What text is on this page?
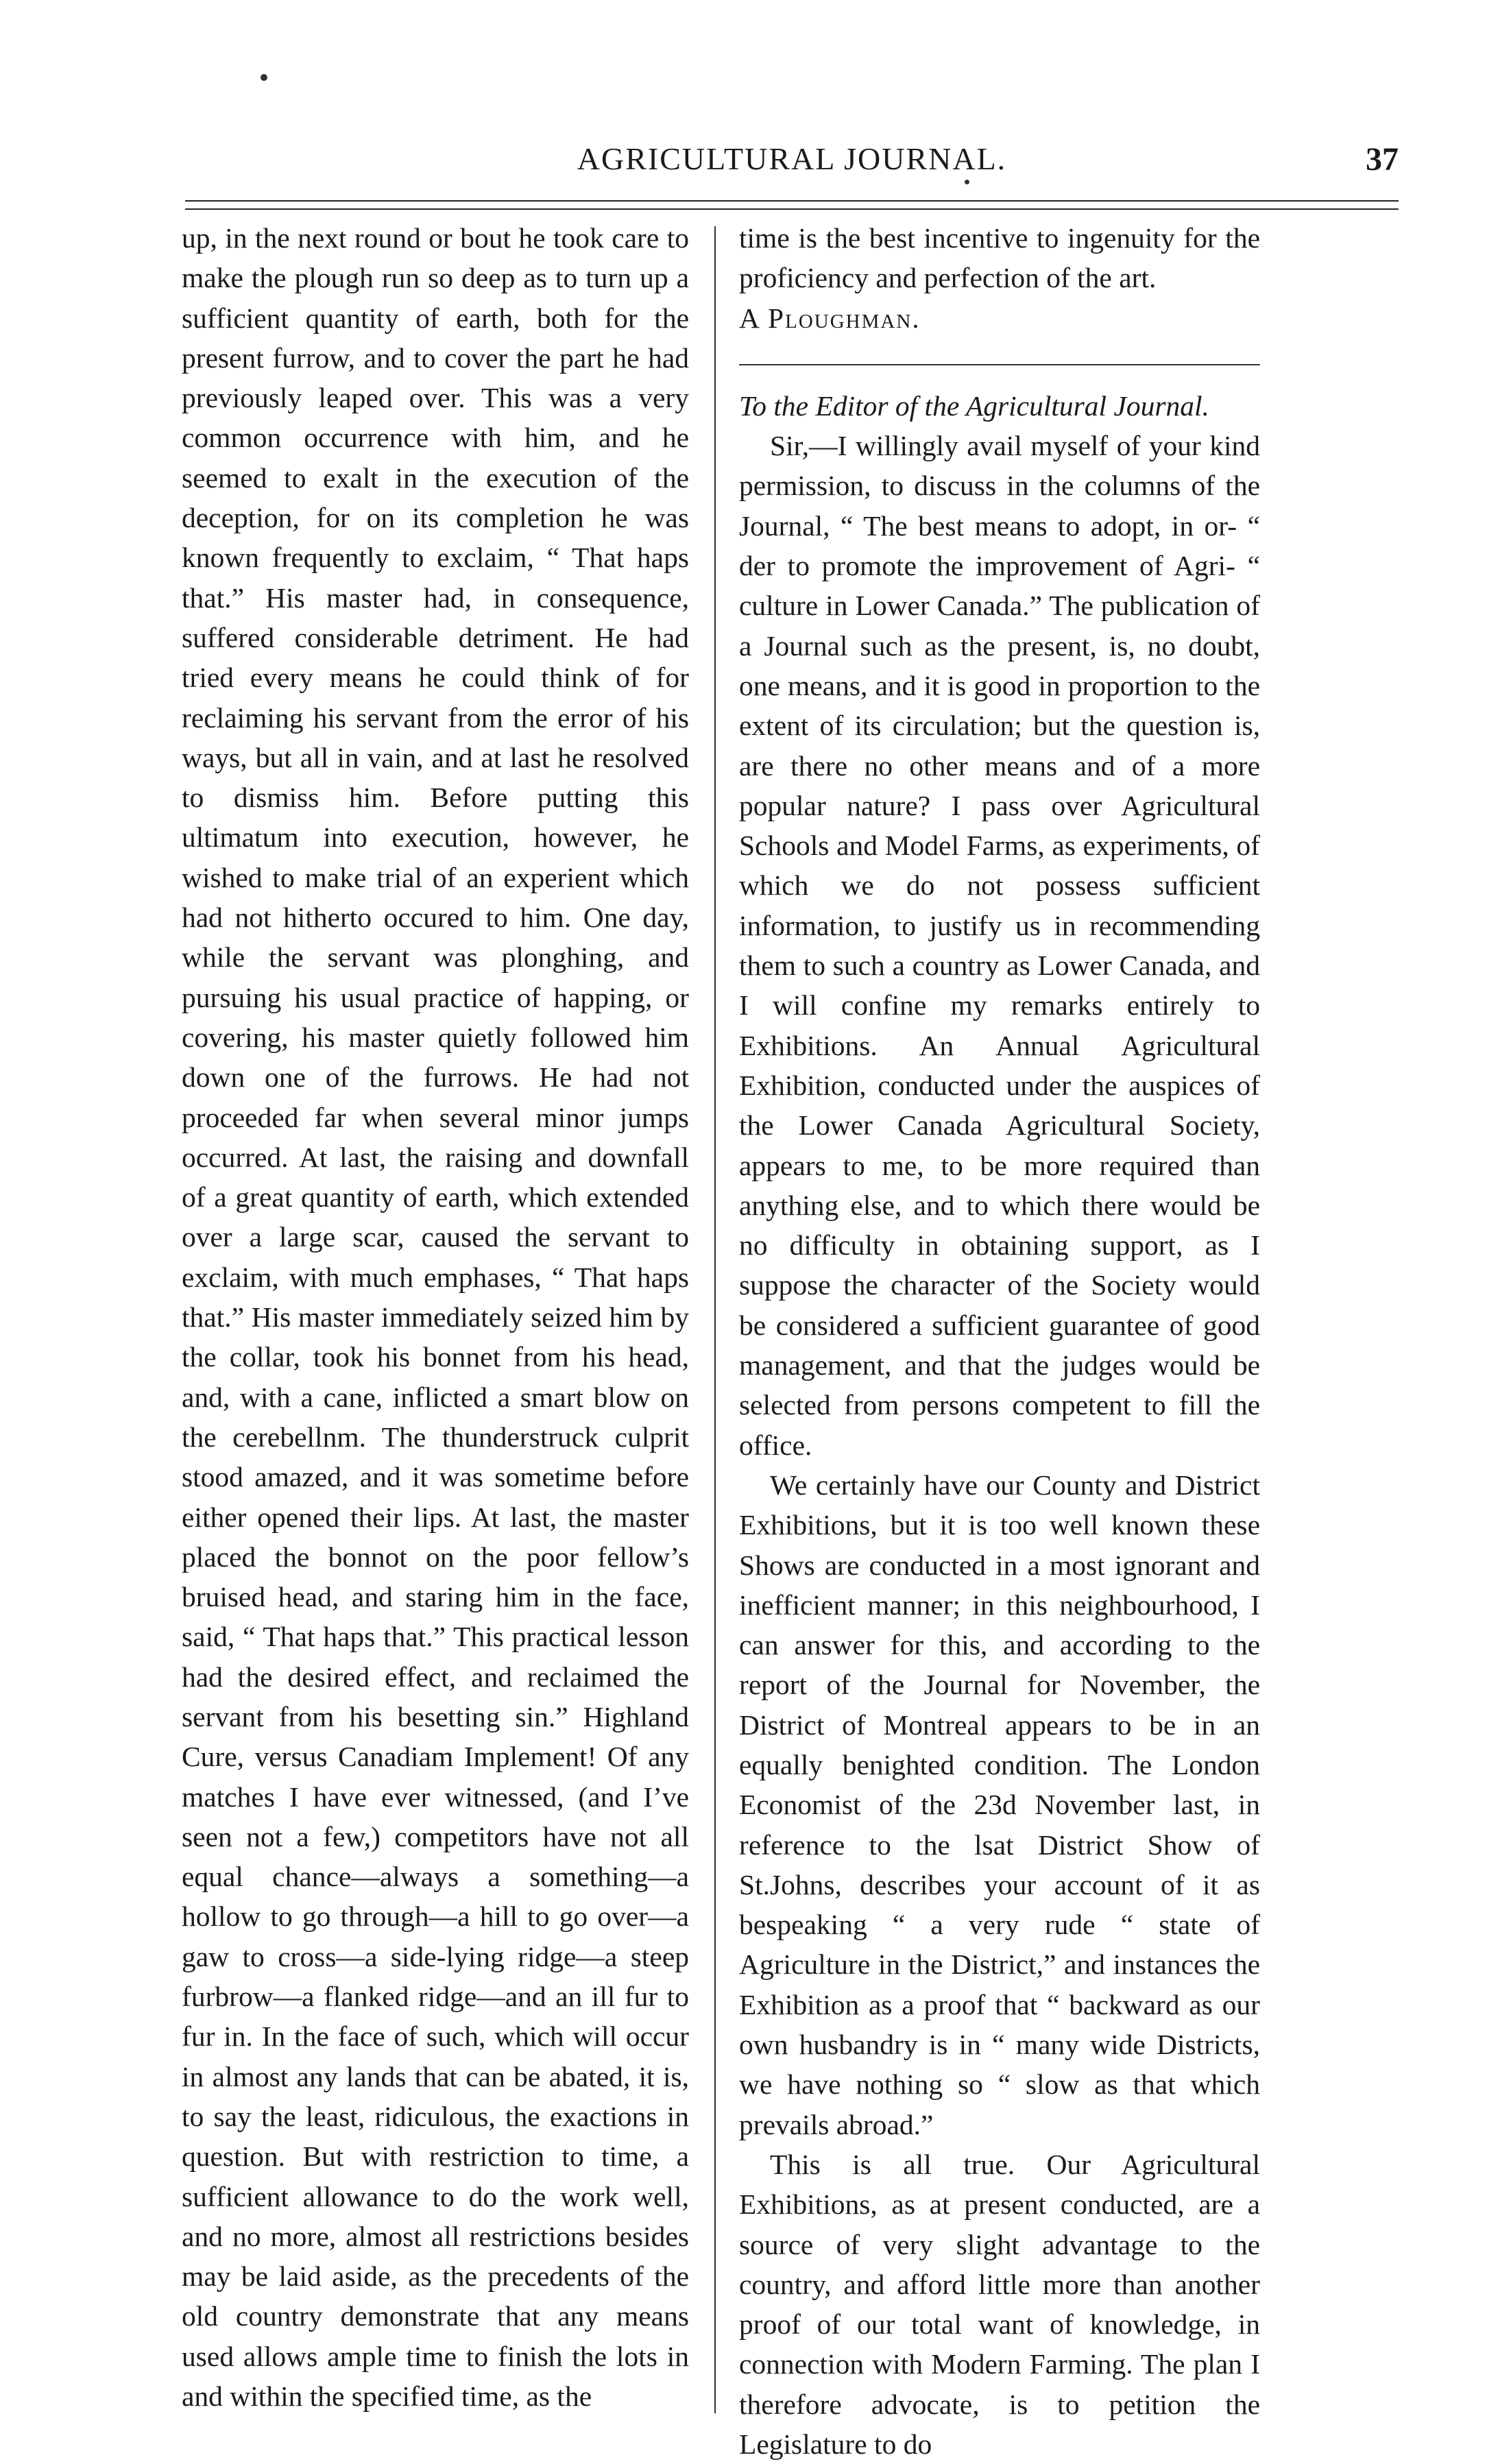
AGRICULTURAL JOURNAL.	37

up, in the next round or bout he took care to make the plough run so deep as to turn up a sufficient quantity of earth, both for the present furrow, and to cover the part he had previously leaped over. This was a very common occurrence with him, and he seemed to exalt in the execution of the deception, for on its completion he was known frequently to exclaim, “ That haps that.” His master had, in consequence, suffered considerable detriment. He had tried every means he could think of for reclaiming his servant from the error of his ways, but all in vain, and at last he resolved to dismiss him. Before putting this ultimatum into execution, however, he wished to make trial of an experient which had not hitherto occured to him. One day, while the servant was plonghing, and pursuing his usual practice of happing, or covering, his master quietly followed him down one of the furrows. He had not proceeded far when several minor jumps occurred. At last, the raising and downfall of a great quantity of earth, which extended over a large scar, caused the servant to exclaim, with much emphases, “ That haps that.” His master immediately seized him by the collar, took his bonnet from his head, and, with a cane, inflicted a smart blow on the cerebellnm. The thunderstruck culprit stood amazed, and it was sometime before either opened their lips. At last, the master placed the bonnot on the poor fellow’s bruised head, and staring him in the face, said, “ That haps that.” This practical lesson had the desired effect, and reclaimed the servant from his besetting sin.” Highland Cure, versus Canadiam Implement! Of any matches I have ever witnessed, (and I’ve seen not a few,) competitors have not all equal chance—always a something—a hollow to go through—a hill to go over—a gaw to cross—a side-lying ridge—a steep furbrow—a flanked ridge—and an ill fur to fur in. In the face of such, which will occur in almost any lands that can be abated, it is, to say the least, ridiculous, the exactions in question. But with restriction to time, a sufficient allowance to do the work well, and no more, almost all restrictions besides may be laid aside, as the precedents of the old country demonstrate that any means used allows ample time to finish the lots in and within the specified time, as the

time is the best incentive to ingenuity for the proficiency and perfection of the art.

A Ploughman.

To the Editor of the Agricultural Journal.

Sir,—I willingly avail myself of your kind permission, to discuss in the columns of the Journal, “ The best means to adopt, in or- “ der to promote the improvement of Agri- “ culture in Lower Canada.” The publication of a Journal such as the present, is, no doubt, one means, and it is good in proportion to the extent of its circulation; but the question is, are there no other means and of a more popular nature? I pass over Agricultural Schools and Model Farms, as experiments, of which we do not possess sufficient information, to justify us in recommending them to such a country as Lower Canada, and I will confine my remarks entirely to Exhibitions. An Annual Agricultural Exhibition, conducted under the auspices of the Lower Canada Agricultural Society, appears to me, to be more required than anything else, and to which there would be no difficulty in obtaining support, as I suppose the character of the Society would be considered a sufficient guarantee of good management, and that the judges would be selected from persons competent to fill the office.

We certainly have our County and District Exhibitions, but it is too well known these Shows are conducted in a most ignorant and inefficient manner; in this neighbourhood, I can answer for this, and according to the report of the Journal for November, the District of Montreal appears to be in an equally benighted condition. The London Economist of the 23d November last, in reference to the lsat District Show of St.Johns, describes your account of it as bespeaking “ a very rude “ state of Agriculture in the District,” and instances the Exhibition as a proof that “ backward as our own husbandry is in “ many wide Districts, we have nothing so “ slow as that which prevails abroad.”

This is all true. Our Agricultural Exhibitions, as at present conducted, are a source of very slight advantage to the country, and afford little more than another proof of our total want of knowledge, in connection with Modern Farming. The plan I therefore advocate, is to petition the Legislature to do
